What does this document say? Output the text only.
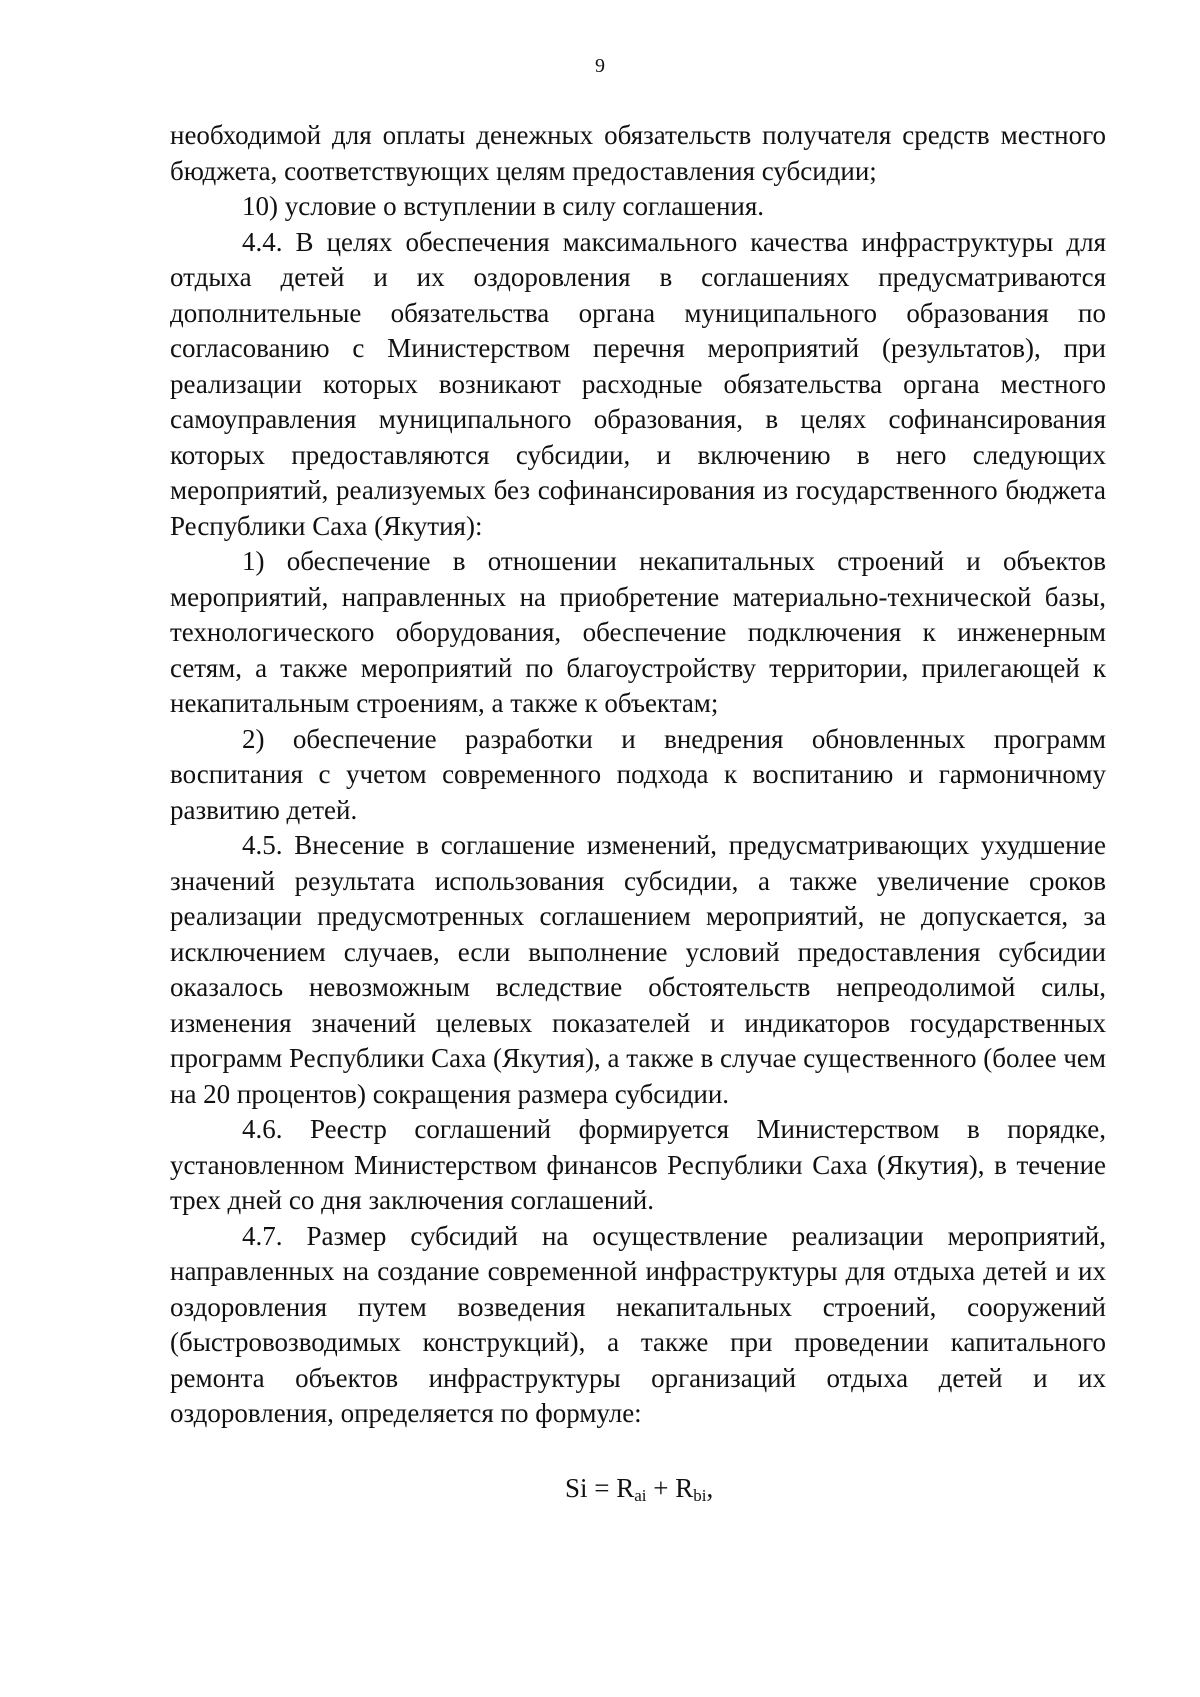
9

необходимой для оплаты денежных обязательств получателя средств местного бюджета, соответствующих целям предоставления субсидии;

10) условие о вступлении в силу соглашения.

4.4. В целях обеспечения максимального качества инфраструктуры для отдыха детей и их оздоровления в соглашениях предусматриваются дополнительные обязательства органа муниципального образования по согласованию с Министерством перечня мероприятий (результатов), при реализации которых возникают расходные обязательства органа местного самоуправления муниципального образования, в целях софинансирования которых предоставляются субсидии, и включению в него следующих мероприятий, реализуемых без софинансирования из государственного бюджета Республики Саха (Якутия):

1) обеспечение в отношении некапитальных строений и объектов мероприятий, направленных на приобретение материально-технической базы, технологического оборудования, обеспечение подключения к инженерным сетям, а также мероприятий по благоустройству территории, прилегающей к некапитальным строениям, а также к объектам;

2) обеспечение разработки и внедрения обновленных программ воспитания с учетом современного подхода к воспитанию и гармоничному развитию детей.

4.5. Внесение в соглашение изменений, предусматривающих ухудшение значений результата использования субсидии, а также увеличение сроков реализации предусмотренных соглашением мероприятий, не допускается, за исключением случаев, если выполнение условий предоставления субсидии оказалось невозможным вследствие обстоятельств непреодолимой силы, изменения значений целевых показателей и индикаторов государственных программ Республики Саха (Якутия), а также в случае существенного (более чем на 20 процентов) сокращения размера субсидии.

4.6. Реестр соглашений формируется Министерством в порядке, установленном Министерством финансов Республики Саха (Якутия), в течение трех дней со дня заключения соглашений.

4.7. Размер субсидий на осуществление реализации мероприятий, направленных на создание современной инфраструктуры для отдыха детей и их оздоровления путем возведения некапитальных строений, сооружений (быстровозводимых конструкций), а также при проведении капитального ремонта объектов инфраструктуры организаций отдыха детей и их оздоровления, определяется по формуле:

$Si = R_{ai} + R_{bi}$,
